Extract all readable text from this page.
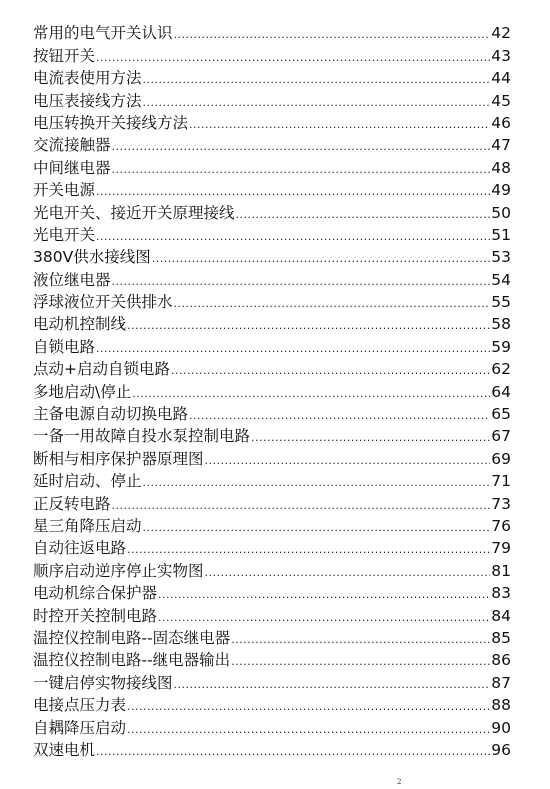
常用的电气开关认识 .....	42
按钮开关 .....	43
电流表使用方法 .....	44
电压表接线方法 .....	45
电压转换开关接线方法 .....	46
交流接触器 .....	47
中间继电器 .....	48
开关电源 .....	49
光电开关、接近开关原理接线 .....	50
光电开关 .....	51
380V供水接线图 .....	53
液位继电器 .....	54
浮球液位开关供排水 .....	55
电动机控制线 .....	58
自锁电路 .....	59
点动+启动自锁电路 .....	62
多地启动\停止 .....	64
主备电源自动切换电路 .....	65
一备一用故障自投水泵控制电路 .....	67
断相与相序保护器原理图 .....	69
延时启动、停止 .....	71
正反转电路 .....	73
星三角降压启动 .....	76
自动往返电路 .....	79
顺序启动逆序停止实物图 .....	81
电动机综合保护器 .....	83
时控开关控制电路 .....	84
温控仪控制电路--固态继电器 .....	85
温控仪控制电路--继电器输出 .....	86
一键启停实物接线图 .....	87
电接点压力表 .....	88
自耦降压启动 .....	90
双速电机 .....	96
2
